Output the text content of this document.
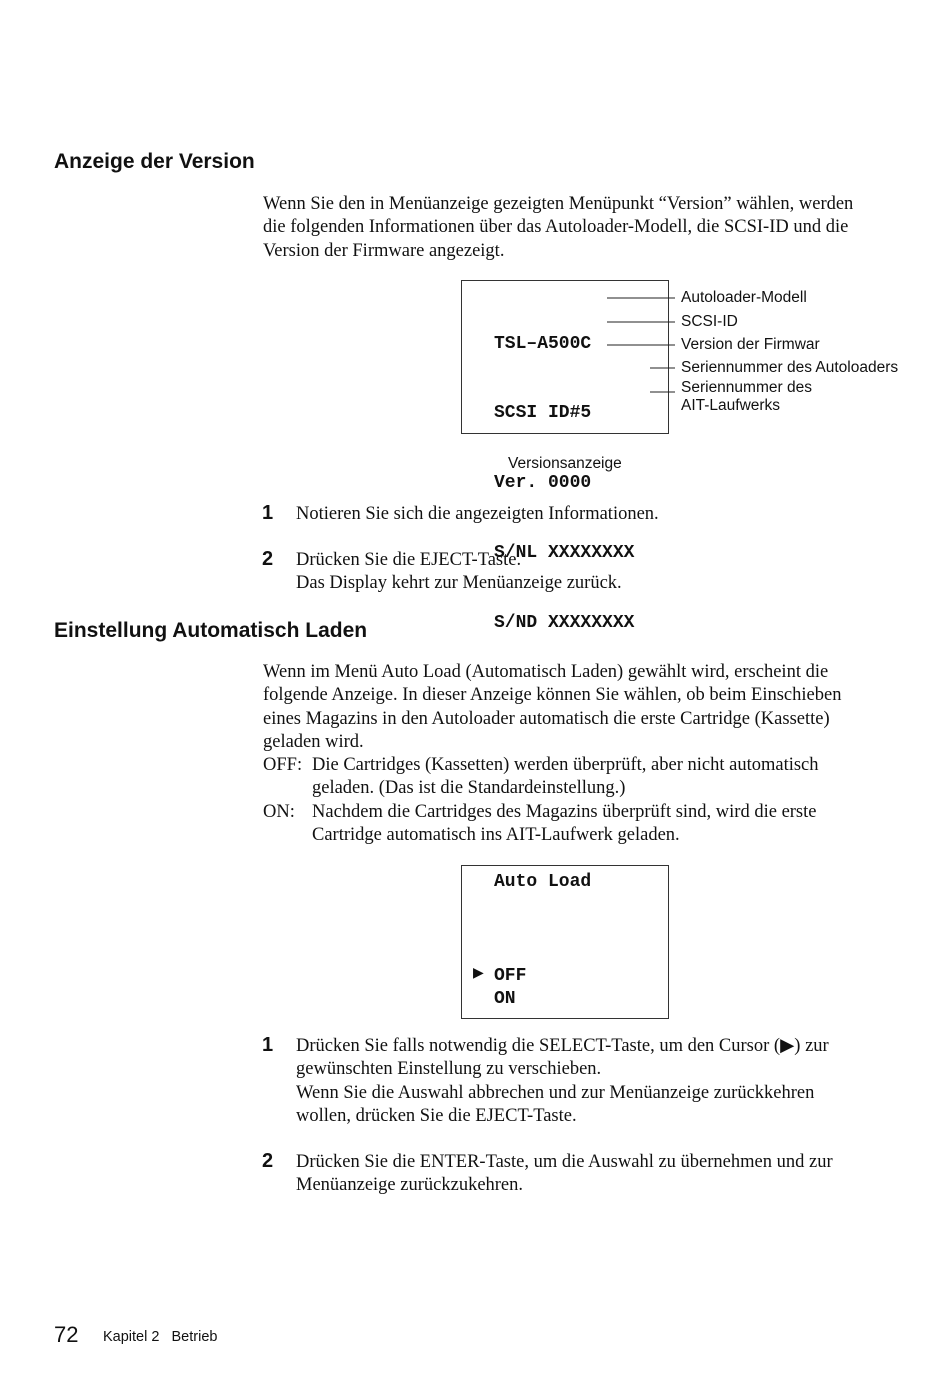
Anzeige der Version
Wenn Sie den in Menüanzeige gezeigten Menüpunkt “Version” wählen, werden die folgenden Informationen über das Autoloader-Modell, die SCSI-ID und die Version der Firmware angezeigt.

TSL–A500C

SCSI ID#5

Ver. 0000

S/NL XXXXXXXX

S/ND XXXXXXXX

Autoloader-Modell
SCSI-ID
Version der Firmwar
Seriennummer des Autoloaders
Seriennummer des
AIT-Laufwerks
Versionsanzeige
1 Notieren Sie sich die angezeigten Informationen.

2 Drücken Sie die EJECT-Taste.

Das Display kehrt zur Menüanzeige zurück.

Einstellung Automatisch Laden

Wenn im Menü Auto Load (Automatisch Laden) gewählt wird, erscheint die folgende Anzeige. In dieser Anzeige können Sie wählen, ob beim Einschieben eines Magazins in den Autoloader automatisch die erste Cartridge (Kassette) geladen wird.

OFF: Die Cartridges (Kassetten) werden überprüft, aber nicht automatisch geladen. (Das ist die Standardeinstellung.)
ON: Nachdem die Cartridges des Magazins überprüft sind, wird die erste Cartridge automatisch ins AIT-Laufwerk geladen.
Auto Load
▶ OFF
ON
1 Drücken Sie falls notwendig die SELECT-Taste, um den Cursor (▶) zur gewünschten Einstellung zu verschieben.

Wenn Sie die Auswahl abbrechen und zur Menüanzeige zurückkehren wollen, drücken Sie die EJECT-Taste.

2 Drücken Sie die ENTER-Taste, um die Auswahl zu übernehmen und zur Menüanzeige zurückzukehren.

72 Kapitel 2   Betrieb
